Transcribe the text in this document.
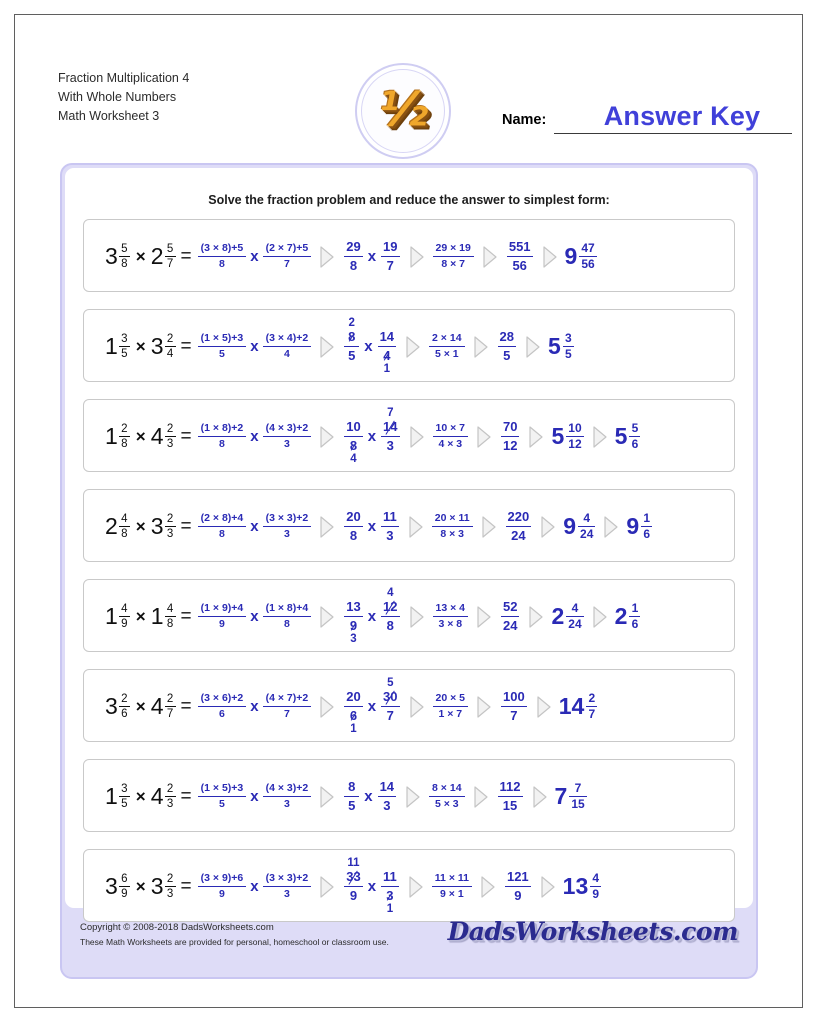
Fraction Multiplication 4
With Whole Numbers
Math Worksheet 3	½	Name:	Answer Key
Solve the fraction problem and reduce the answer to simplest form:
$3 \frac{5}{8} \times 2 \frac{5}{7} = \frac{(3 \times 8)+5}{8}$ x $\frac{(2 \times 7)+5}{7}$	$\frac{29}{8}$ x $\frac{19}{7}$	$\frac{29 \times 19}{8 \times 7}$	$\frac{551}{56} 9 \frac{47}{56}$
$1 \frac{3}{5} \times 3 \frac{2}{4} = \frac{(1 \times 5)+3}{5}$ x $\frac{(3 \times 4)+2}{4}$	2
8
5 x 14
4
1	$\frac{2 \times 14}{5 \times 1}$	$\frac{28}{5} 5 \frac{3}{5}$
$1 \frac{2}{8} \times 4 \frac{2}{3} = \frac{(1 \times 8)+2}{8}$ x $\frac{(4 \times 3)+2}{3}$	10
8
4 x 7
14
3	$\frac{10 \times 7}{4 \times 3}$	$\frac{70}{12} 5 \frac{10}{12} 5 \frac{5}{6}$
$2 \frac{4}{8} \times 3 \frac{2}{3} = \frac{(2 \times 8)+4}{8}$ x $\frac{(3 \times 3)+2}{3}$	$\frac{20}{8}$ x $\frac{11}{3}$	$\frac{20 \times 11}{8 \times 3}$	$\frac{220}{24} 9 \frac{4}{24} 9 \frac{1}{6}$
$1 \frac{4}{9} \times 1 \frac{4}{8} = \frac{(1 \times 9)+4}{9}$ x $\frac{(1 \times 8)+4}{8}$	13
9
3 x 4
12
8	$\frac{13 \times 4}{3 \times 8}$	$\frac{52}{24} 2 \frac{4}{24} 2 \frac{1}{6}$
$3 \frac{2}{6} \times 4 \frac{2}{7} = \frac{(3 \times 6)+2}{6}$ x $\frac{(4 \times 7)+2}{7}$	20
6
1 x 5
30
7	$\frac{20 \times 5}{1 \times 7}$	$\frac{100}{7} 14 \frac{2}{7}$
$1 \frac{3}{5} \times 4 \frac{2}{3} = \frac{(1 \times 5)+3}{5}$ x $\frac{(4 \times 3)+2}{3}$	$\frac{8}{5}$ x $\frac{14}{3}$	$\frac{8 \times 14}{5 \times 3}$	$\frac{112}{15} 7 \frac{7}{15}$
$3 \frac{6}{9} \times 3 \frac{2}{3} = \frac{(3 \times 9)+6}{9}$ x $\frac{(3 \times 3)+2}{3}$	11
33
9 x 11
3
1	$\frac{11 \times 11}{9 \times 1}$	$\frac{121}{9} 13 \frac{4}{9}$
Copyright © 2008-2018 DadsWorksheets.com
These Math Worksheets are provided for personal, homeschool or classroom use. DadsWorksheets.com
